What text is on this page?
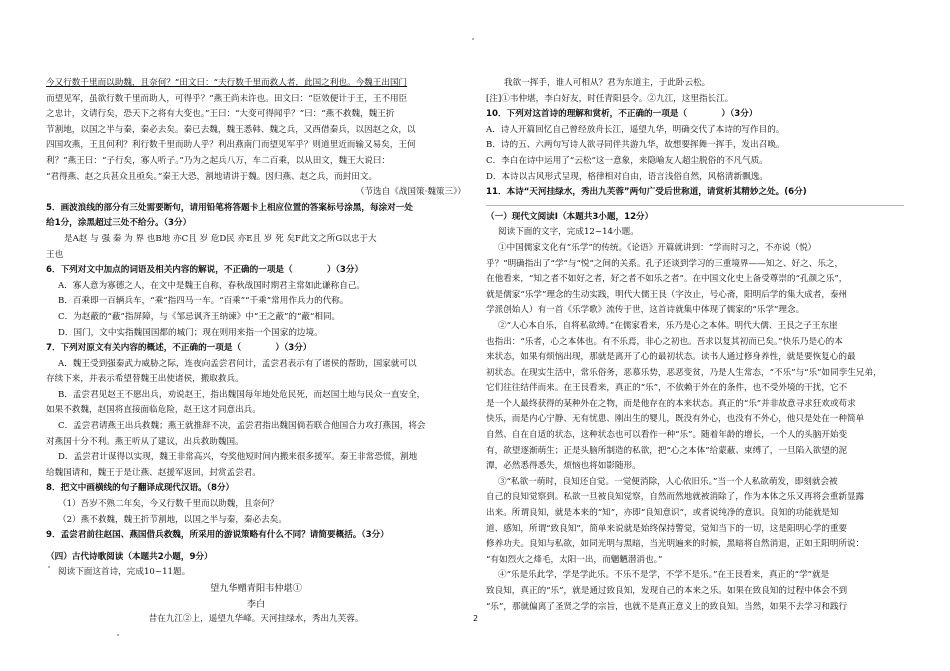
今又行数千里而以助魏，且奈何？”田文曰：“夫行数千里而救人者，此国之利也。今魏王出国门
而望见军，虽欲行数千里而助人，可得乎？”燕王尚未许也。田文曰：“臣效便计于王，王不用臣
之忠计，文请行矣，恐天下之将有大变也。”王曰：“大变可得闻乎？”曰：“燕不救魏，魏王折
节割地，以国之半与秦，秦必去矣。秦已去魏，魏王悉韩、魏之兵，又西借秦兵，以因赵之众，以
四国攻燕，王且何利？利行数千里而助人乎？利出燕南门而望见军乎？则道里近而输又易矣，王何
利？”燕王曰：“子行矣，寡人听子。”乃为之起兵八万，车二百乘，以从田文，魏王大说曰：
“君得燕、赵之兵甚众且亟矣。”秦王大恐，割地请讲于魏。因归燕、赵之兵，而封田文。
（节选自《战国策·魏策三》）
5．画波浪线的部分有三处需要断句，请用铅笔将答题卡上相应位置的答案标号涂黑，每涂对一处
给1分，涂黑超过三处不给分。（3分）
是A赵 与 强 秦 为 界 也B地 亦C且 岁 危D民 亦E且 岁 死 矣F此文之所G以忠于大
王也
6．下列对文中加点的词语及相关内容的解说，不正确的一项是（　　　　）（3分）
A．寡人意为寡德之人，在文中是魏王自称，春秋战国时期君主常如此谦称自己。
B．百乘即一百辆兵车，“乘”指四马一车。“百乘”“千乘”常用作兵力的代称。
C．为赵蔽的“蔽”指屏障，与《邹忌讽齐王纳谏》中“王之蔽”的“蔽”相同。
D．国门，文中实指魏国国都的城门；现在则用来指一个国家的边境。
7．下列对原文有关内容的概述，不正确的一项是（　　　　）（3分）
A．魏王受到强秦武力威胁之际，连夜向孟尝君问计，孟尝君表示有了诸侯的帮助，国家就可以
存续下来，并表示希望替魏王出使诸侯，搬取救兵。
B．孟尝君见赵王不愿出兵，劝说赵王，指出魏国每年地处危民死，而赵国土地与民众一直安全，
如果不救魏，赵国将直接面临危险，赵王这才同意出兵。
C．孟尝君请燕王出兵救魏；燕王就推辞不决，孟尝君指出魏国倘若联合他国合力攻打燕国，将会
对燕国十分不利。燕王听从了建议，出兵救助魏国。
D．孟尝君计谋得以实现，魏王非常高兴，夸奖他短时间内搬来很多援军。秦王非常恐慌，割地
给魏国请和，魏王于是让燕、赵援军返回，封赏孟尝君。
8．把文中画横线的句子翻译成现代汉语。（8分）
（1）吾岁不熟二年矣，今又行数千里而以助魏，且奈何？
（2）燕不救魏，魏王折节割地，以国之半与秦，秦必去矣。
9．孟尝君前往赵国、燕国借兵救魏，所采用的游说策略有什么不同？请简要概括。（3分）
（四）古代诗歌阅读（本题共2小题，9分）
阅读下面这首诗，完成10~11题。
望九华赠青阳韦仲堪①
李白
昔在九江②上，遥望九华峰。天河挂绿水，秀出九芙蓉。
我欲一挥手，谁人可相从？君为东道主，于此卧云松。
[注]①韦仲堪，李白好友，时任青阳县令。②九江，这里指长江。
10．下列对这首诗的理解和赏析，不正确的一项是（　　　　）（3分）
A．诗人开篇回忆自己曾经放舟长江，遥望九华，明确交代了本诗的写作目的。
B．诗的五、六两句写诗人欲寻同伴共游九华，故想要挥舞一挥手，发出召唤。
C．李白在诗中运用了“云松”这一意象，来隐喻友人超尘脱俗的不凡气质。
D．本诗以古风形式呈现，格律相对自由，语言浅俗自然，风格清新飘逸。
11．本诗“天河挂绿水，秀出九芙蓉”两句广受后世称道，请赏析其精妙之处。(6分)
（一）现代文阅读Ⅰ（本题共3小题，12分）
阅读下面的文字，完成12~14小题。
①中国儒家文化有“乐学”的传统。《论语》开篇就讲到：“学而时习之，不亦说（悦）
乎？”明确指出了“学”与“悦”之间的关系。孔子还谈到学习的三重境界——知之、好之、乐之，
在他看来，“知之者不如好之者，好之者不如乐之者”。在中国文化史上备受尊崇的“孔颜之乐”，
就是儒家“乐学”理念的生动实践，明代大儒王艮（字汝止，号心斋，阳明后学的集大成者，泰州
学派创始人）有一首《乐学歌》流传于世，这首诗就集中体现了儒家的“乐学”理念。
②“人心本自乐，自将私欲缚。”在儒家看来，乐乃是心之本体。明代大儒、王艮之子王东崖
也指出：“乐者，心之本体也。有不乐焉，非心之初也。吾求以复其初而已矣。”快乐乃是心的本
来状态，如果有烦恼出现，那就是离开了心的最初状态。读书人通过修身养性，就是要恢复心的最
初状态。在现实生活中，常乐俗务，恶慕乐势，恶恶变贫，乃是人生常态，“不乐”与“乐”如同孪生兄弟，
它们往往结伴而来。在王艮看来，真正的“乐”，不依赖于外在的条件，也不受外境的干扰，它不
是一个人最终获得的某种外在之物，而是他存在的本来状态。真正的“乐”并非故意寻求狂欢或苟求
快乐，而是内心宁静、无有忧患、刚出生的婴儿，既没有外心，也没有不外心，他只是处在一种简单
自然、自在自适的状态，这种状态也可以看作一种“乐”。随着年龄的增长，一个人的头脑开始变
有，欲望逐渐萌生；正是头脑所制造的私欲，把“心之本体”给蒙蔽、束缚了，一旦陷入欲望的泥
潭，必然悉得悉失，烦恼也将如影随形。
③“私欲一萌时，良知还自觉。一觉便消除，人心依旧乐。”当一个人私欲萌发，即刻就会被
自己的良知觉察到。私欲一旦被良知觉察，自然而然地就被消除了，作为本体之乐又再将会重新显露
出来。所谓良知，就是本来的“知”，亦即“良知意识”，或者说纯净的意识。良知的功能就是知
道、感知，所谓“致良知”，简单来说就是始终保持警觉，觉知当下的一切，这是阳明心学的重要
修养功夫。良知与私欲，如同光明与黑暗，当光明遍来的时候，黑暗将自然消退，正如王阳明所说：
“有如烈火之烽毛，太阳一出，而魍魉潜消也。”
④“乐是乐此学，学是学此乐。不乐不是学，不学不是乐。”在王艮看来，真正的“学”就是
致良知，真正的“乐”，就是通过致良知，发现自己的本来之乐。如果在致良知的过程中体会不到
“乐”，那就偏离了圣贤之学的宗旨，也就不是真正意义上的致良知。当然，如果不去学习和践行
2
